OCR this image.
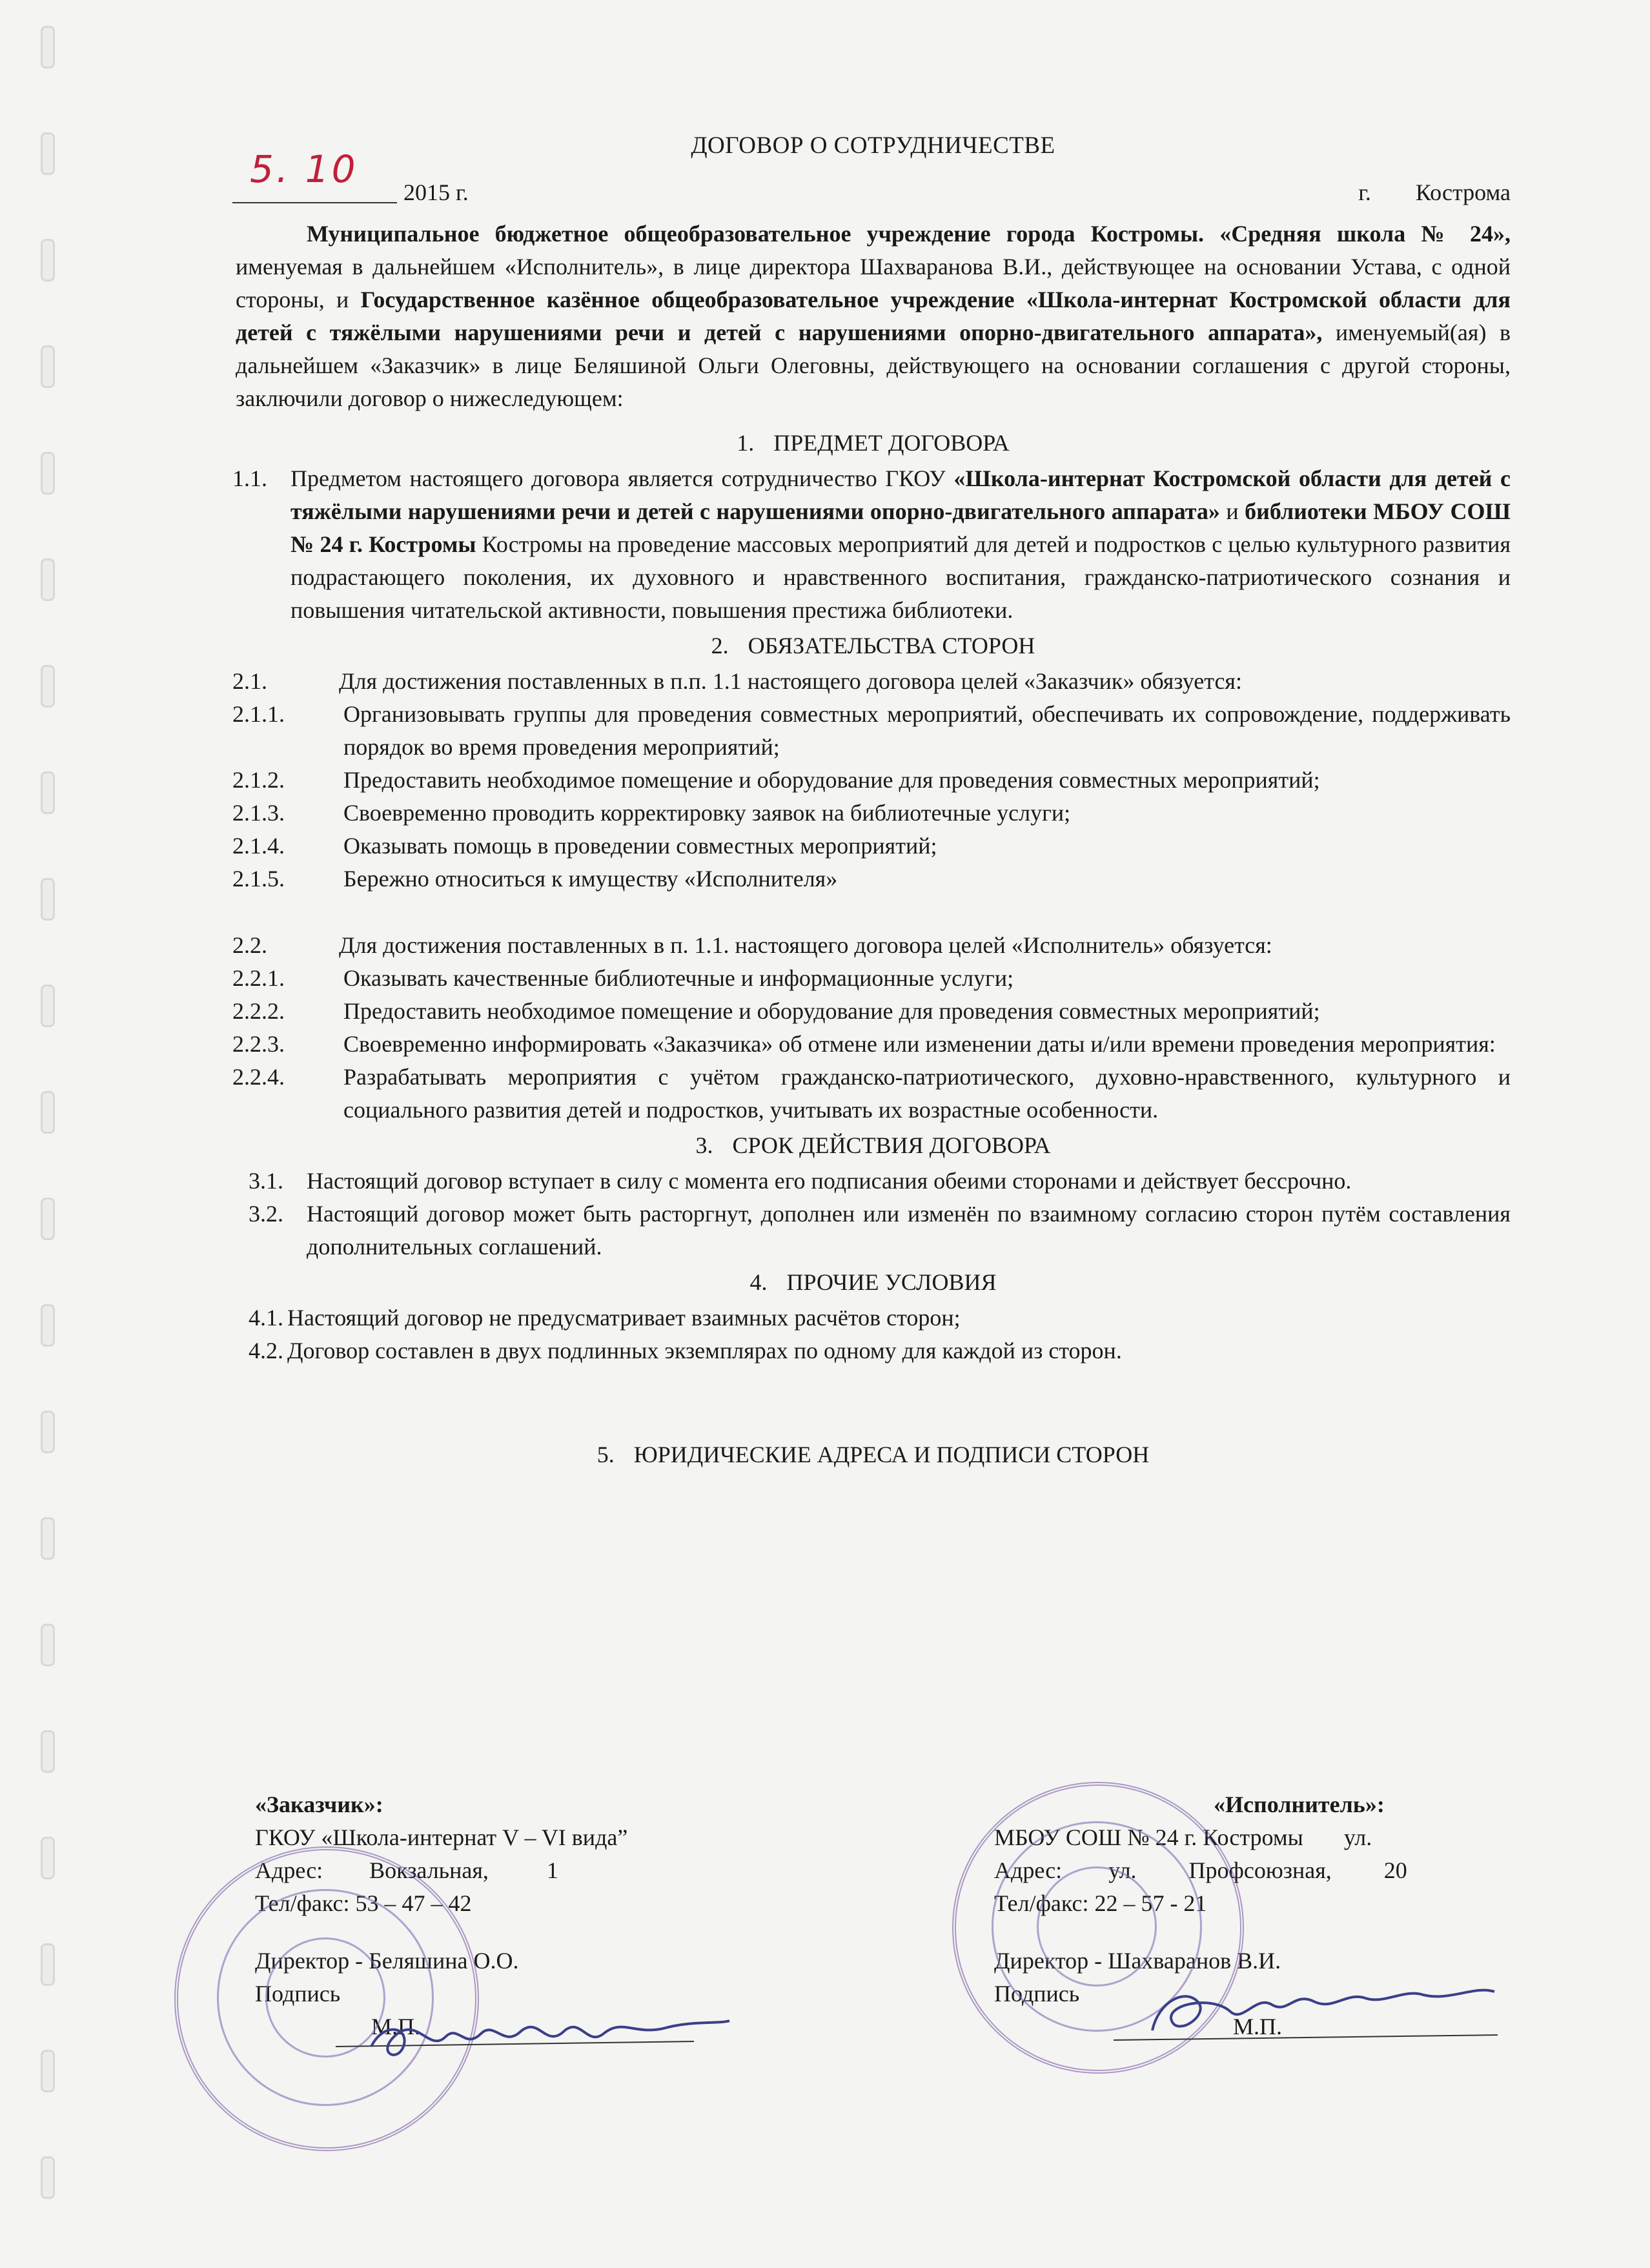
ДОГОВОР О СОТРУДНИЧЕСТВЕ
5. 10
2015 г.	г. Кострома

Муниципальное бюджетное общеобразовательное учреждение города Костромы. «Средняя школа № 24», именуемая в дальнейшем «Исполнитель», в лице директора Шахваранова В.И., действующее на основании Устава, с одной стороны, и Государственное казённое общеобразовательное учреждение «Школа-интернат Костромской области для детей с тяжёлыми нарушениями речи и детей с нарушениями опорно-двигательного аппарата», именуемый(ая) в дальнейшем «Заказчик» в лице Беляшиной Ольги Олеговны, действующего на основании соглашения с другой стороны, заключили договор о нижеследующем:

1. ПРЕДМЕТ ДОГОВОРА
1.1.	Предметом настоящего договора является сотрудничество ГКОУ «Школа-интернат Костромской области для детей с тяжёлыми нарушениями речи и детей с нарушениями опорно-двигательного аппарата» и библиотеки МБОУ СОШ № 24 г. Костромы Костромы на проведение массовых мероприятий для детей и подростков с целью культурного развития подрастающего поколения, их духовного и нравственного воспитания, гражданско-патриотического сознания и повышения читательской активности, повышения престижа библиотеки.
2. ОБЯЗАТЕЛЬСТВА СТОРОН
2.1.	Для достижения поставленных в п.п. 1.1 настоящего договора целей «Заказчик» обязуется:
2.1.1.	Организовывать группы для проведения совместных мероприятий, обеспечивать их сопровождение, поддерживать порядок во время проведения мероприятий;
2.1.2.	Предоставить необходимое помещение и оборудование для проведения совместных мероприятий;
2.1.3.	Своевременно проводить корректировку заявок на библиотечные услуги;
2.1.4.	Оказывать помощь в проведении совместных мероприятий;
2.1.5.	Бережно относиться к имуществу «Исполнителя»
2.2.	Для достижения поставленных в п. 1.1. настоящего договора целей «Исполнитель» обязуется:
2.2.1.	Оказывать качественные библиотечные и информационные услуги;
2.2.2.	Предоставить необходимое помещение и оборудование для проведения совместных мероприятий;
2.2.3.	Своевременно информировать «Заказчика» об отмене или изменении даты и/или времени проведения мероприятия:
2.2.4.	Разрабатывать мероприятия с учётом гражданско-патриотического, духовно-нравственного, культурного и социального развития детей и подростков, учитывать их возрастные особенности.
3. СРОК ДЕЙСТВИЯ ДОГОВОРА
3.1.	Настоящий договор вступает в силу с момента его подписания обеими сторонами и действует бессрочно.
3.2.	Настоящий договор может быть расторгнут, дополнен или изменён по взаимному согласию сторон путём составления дополнительных соглашений.
4. ПРОЧИЕ УСЛОВИЯ
4.1. Настоящий договор не предусматривает взаимных расчётов сторон;
4.2. Договор составлен в двух подлинных экземплярах по одному для каждой из сторон.
5. ЮРИДИЧЕСКИЕ АДРЕСА И ПОДПИСИ СТОРОН
«Заказчик»:
ГКОУ «Школа-интернат V – VI вида”
Адрес:        Вокзальная,          1
Тел/факс: 53 – 47 – 42
Директор - Беляшина О.О.
Подпись
М.П.
«Исполнитель»:
МБОУ СОШ № 24 г. Костромы       ул.
Адрес:        ул.         Профсоюзная,         20
Тел/факс: 22 – 57 - 21
Директор - Шахваранов В.И.
Подпись
М.П.
